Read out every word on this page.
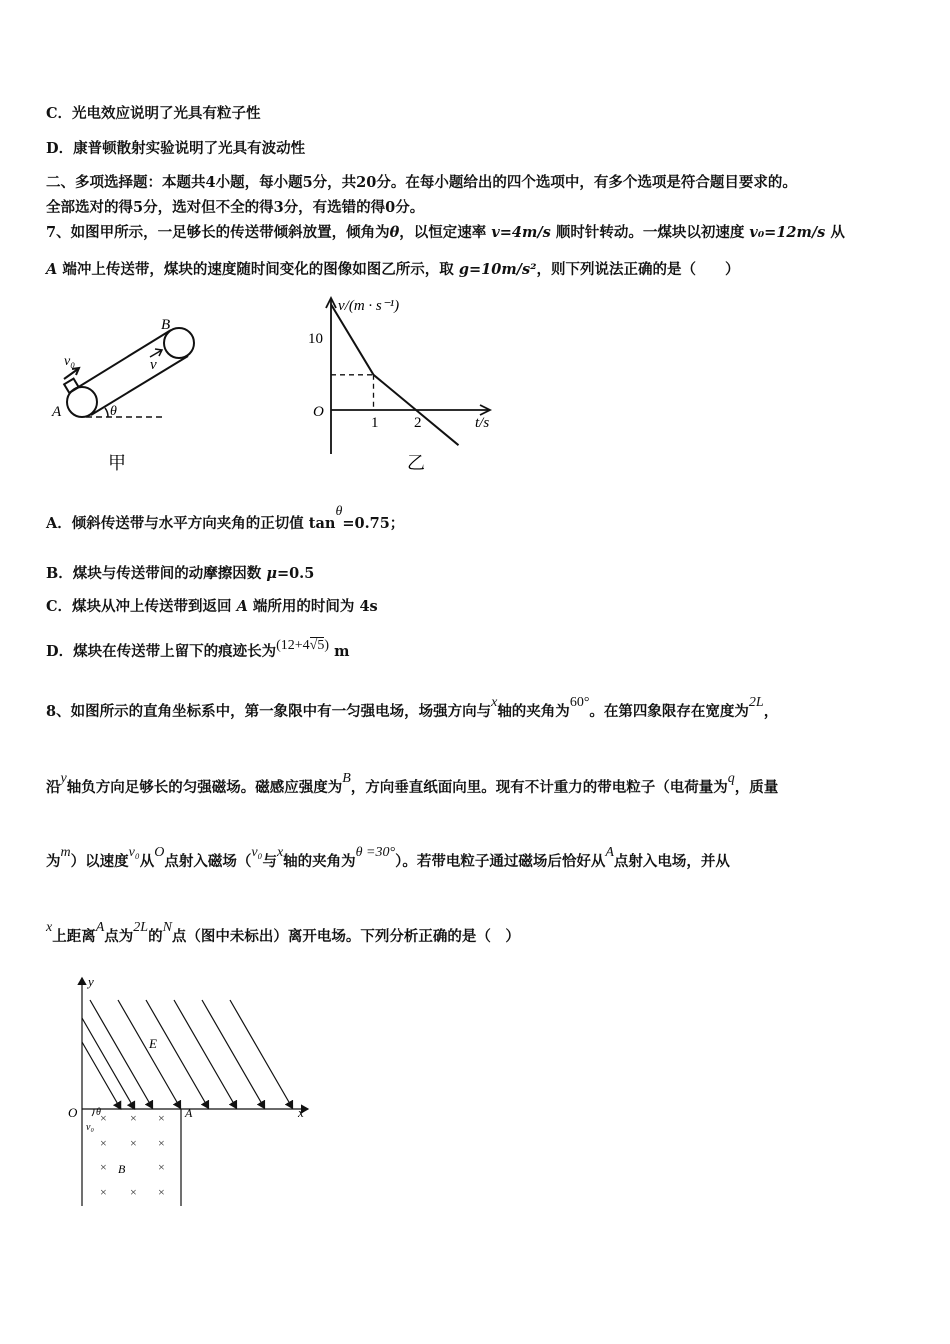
C．光电效应说明了光具有粒子性
D．康普顿散射实验说明了光具有波动性
二、多项选择题：本题共4小题，每小题5分，共20分。在每小题给出的四个选项中，有多个选项是符合题目要求的。
全部选对的得5分，选对但不全的得3分，有选错的得0分。
7、如图甲所示，一足够长的传送带倾斜放置，倾角为θ，以恒定速率 v=4m/s 顺时针转动。一煤块以初速度 v₀=12m/s 从
A 端冲上传送带，煤块的速度随时间变化的图像如图乙所示，取 g=10m/s²，则下列说法正确的是（　　）
B
v₀	v
A	θ
甲
v/(m · s⁻¹)
10
O
1 2	t/s
乙
A．倾斜传送带与水平方向夹角的正切值 tanθ=0.75；
B．煤块与传送带间的动摩擦因数 μ=0.5
C．煤块从冲上传送带到返回 A 端所用的时间为 4s
D．煤块在传送带上留下的痕迹长为(12+4√5) m
8、如图所示的直角坐标系中，第一象限中有一匀强电场，场强方向与x轴的夹角为60°。在第四象限存在宽度为2L，
沿y轴负方向足够长的匀强磁场。磁感应强度为B，方向垂直纸面向里。现有不计重力的带电粒子（电荷量为q，质量
为m）以速度v₀从O点射入磁场（v₀与x轴的夹角为θ =30°）。若带电粒子通过磁场后恰好从A点射入电场，并从
x上距离A点为2L的N点（图中未标出）离开电场。下列分析正确的是（　）
y
x
O
E
A
θ
v₀
B
× × ×
× × ×
×	×
× × ×
